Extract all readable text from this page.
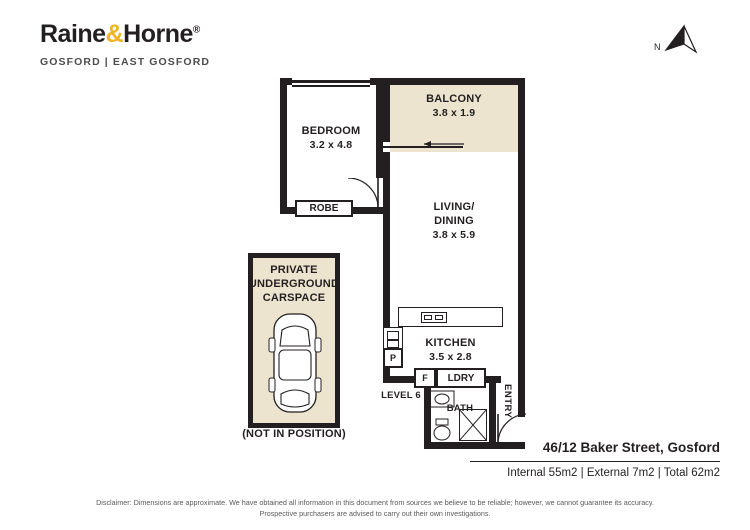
Raine&Horne®
GOSFORD | EAST GOSFORD
N
ROBE
P
F LDRY
BEDROOM
3.2 x 4.8
BALCONY
3.8 x 1.9
LIVING/
DINING
3.8 x 5.9
KITCHEN
3.5 x 2.8
BATH
LEVEL 6	ENTRY
PRIVATE
UNDERGROUND
CARSPACE
(NOT IN POSITION)
46/12 Baker Street, Gosford
Internal 55m2 | External 7m2 | Total 62m2
Disclaimer: Dimensions are approximate. We have obtained all information in this document from sources we believe to be reliable; however, we cannot guarantee its accuracy.
Prospective purchasers are advised to carry out their own investigations.
